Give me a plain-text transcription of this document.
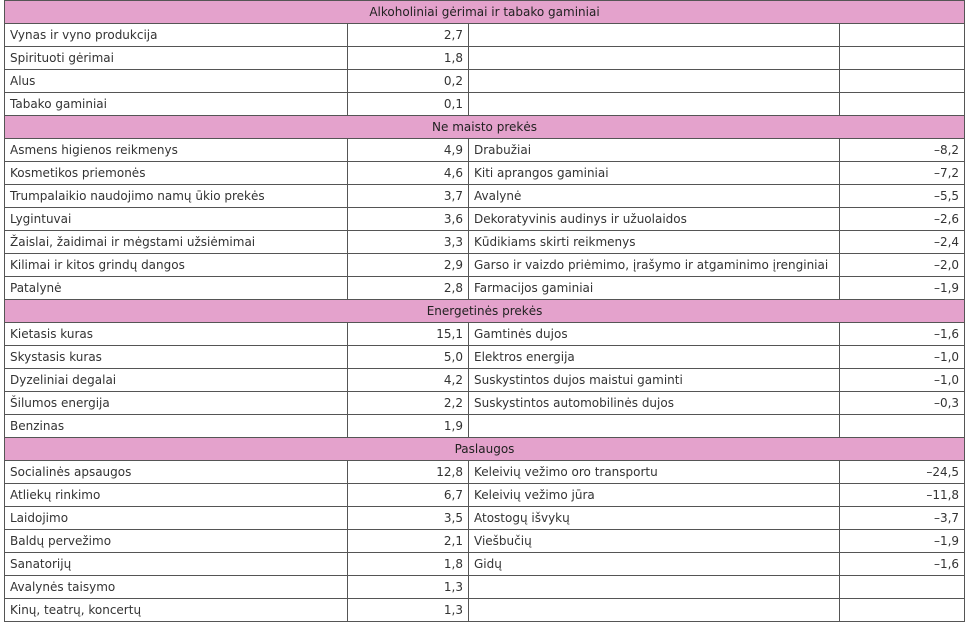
Alkoholiniai gėrimai ir tabako gaminiai			
Vynas ir vyno produkcija	2,7		
Spirituoti gėrimai	1,8		
Alus	0,2		
Tabako gaminiai	0,1		
Ne maisto prekės			
Asmens higienos reikmenys	4,9	Drabužiai	–8,2
Kosmetikos priemonės	4,6	Kiti aprangos gaminiai	–7,2
Trumpalaikio naudojimo namų ūkio prekės	3,7	Avalynė	–5,5
Lygintuvai	3,6	Dekoratyvinis audinys ir užuolaidos	–2,6
Žaislai, žaidimai ir mėgstami užsiėmimai	3,3	Kūdikiams skirti reikmenys	–2,4
Kilimai ir kitos grindų dangos	2,9	Garso ir vaizdo priėmimo, įrašymo ir atgaminimo įrenginiai	–2,0
Patalynė	2,8	Farmacijos gaminiai	–1,9
Energetinės prekės			
Kietasis kuras	15,1	Gamtinės dujos	–1,6
Skystasis kuras	5,0	Elektros energija	–1,0
Dyzeliniai degalai	4,2	Suskystintos dujos maistui gaminti	–1,0
Šilumos energija	2,2	Suskystintos automobilinės dujos	–0,3
Benzinas	1,9		
Paslaugos			
Socialinės apsaugos	12,8	Keleivių vežimo oro transportu	–24,5
Atliekų rinkimo	6,7	Keleivių vežimo jūra	–11,8
Laidojimo	3,5	Atostogų išvykų	–3,7
Baldų pervežimo	2,1	Viešbučių	–1,9
Sanatorijų	1,8	Gidų	–1,6
Avalynės taisymo	1,3		
Kinų, teatrų, koncertų	1,3		
